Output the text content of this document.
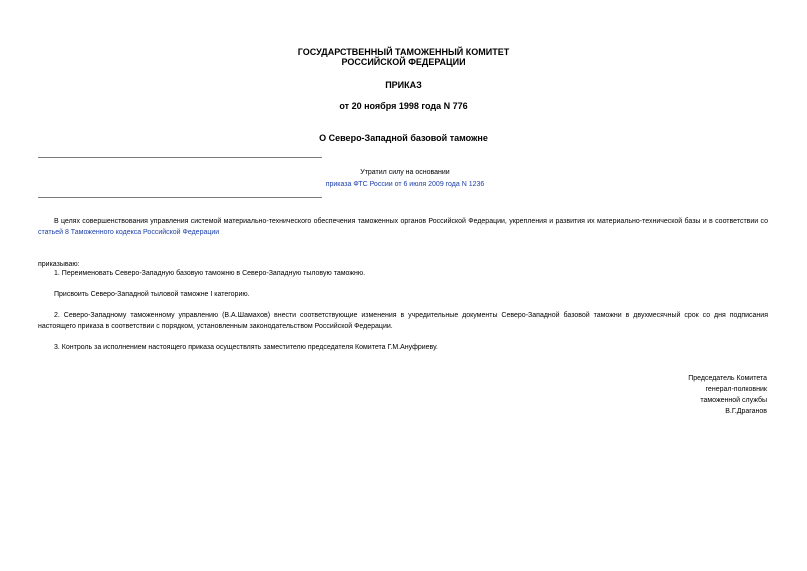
ГОСУДАРСТВЕННЫЙ ТАМОЖЕННЫЙ КОМИТЕТ
РОССИЙСКОЙ ФЕДЕРАЦИИ
ПРИКАЗ
от 20 ноября 1998 года N 776
О Северо-Западной базовой таможне
Утратил силу на основании
приказа ФТС России от 6 июля 2009 года N 1236
В целях совершенствования управления системой материально-технического обеспечения таможенных органов Российской Федерации, укрепления и развития их материально-технической базы и в соответствии со статьей 8 Таможенного кодекса Российской Федерации
приказываю:
1. Переименовать Северо-Западную базовую таможню в Северо-Западную тыловую таможню.
Присвоить Северо-Западной тыловой таможне I категорию.
2. Северо-Западному таможенному управлению (В.А.Шамахов) внести соответствующие изменения в учредительные документы Северо-Западной базовой таможни в двухмесячный срок со дня подписания настоящего приказа в соответствии с порядком, установленным законодательством Российской Федерации.
3. Контроль за исполнением настоящего приказа осуществлять заместителю председателя Комитета Г.М.Ануфриеву.
Председатель Комитета
генерал-полковник
таможенной службы
В.Г.Драганов
